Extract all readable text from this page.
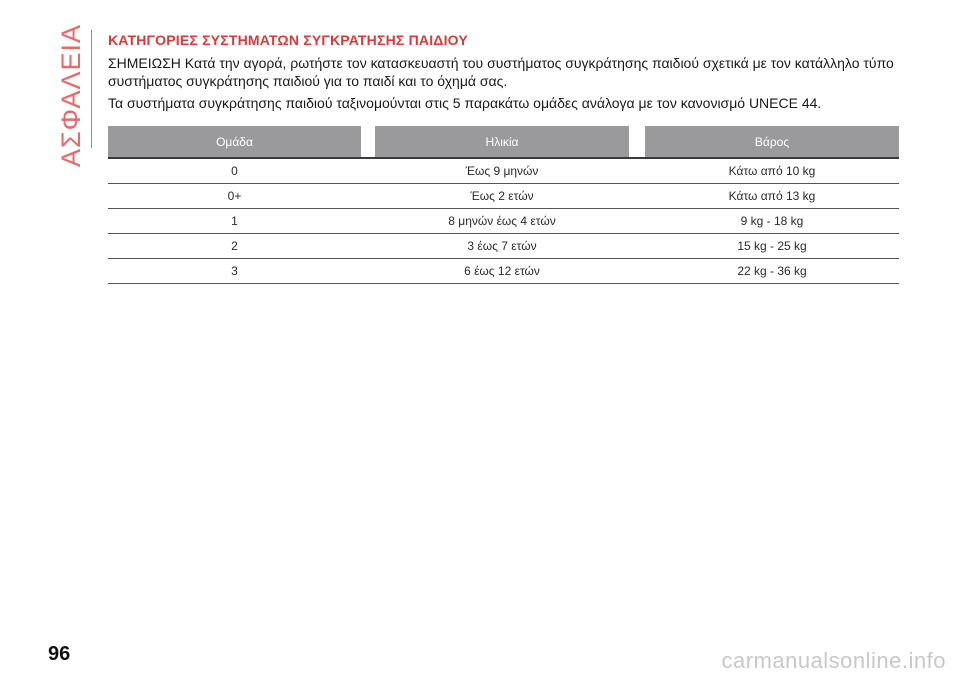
ΑΣΦΑΛΕΙΑ ΚΑΤΗΓΟΡΙΕΣ ΣΥΣΤΗΜΑΤΩΝ ΣΥΓΚΡΑΤΗΣΗΣ ΠΑΙΔΙΟΥ
ΣΗΜΕΙΩΣΗ Κατά την αγορά, ρωτήστε τον κατασκευαστή του συστήματος συγκράτησης παιδιού σχετικά με τον κατάλληλο τύπο συστήματος συγκράτησης παιδιού για το παιδί και το όχημά σας.
Τα συστήματα συγκράτησης παιδιού ταξινομούνται στις 5 παρακάτω ομάδες ανάλογα με τον κανονισμό UNECE 44.
Ομάδα	Ηλικία	Βάρος
0	Έως 9 μηνών	Κάτω από 10 kg
0+	Έως 2 ετών	Κάτω από 13 kg
1	8 μηνών έως 4 ετών	9 kg - 18 kg
2	3 έως 7 ετών	15 kg - 25 kg
3	6 έως 12 ετών	22 kg - 36 kg
96	carmanualsonline.info
